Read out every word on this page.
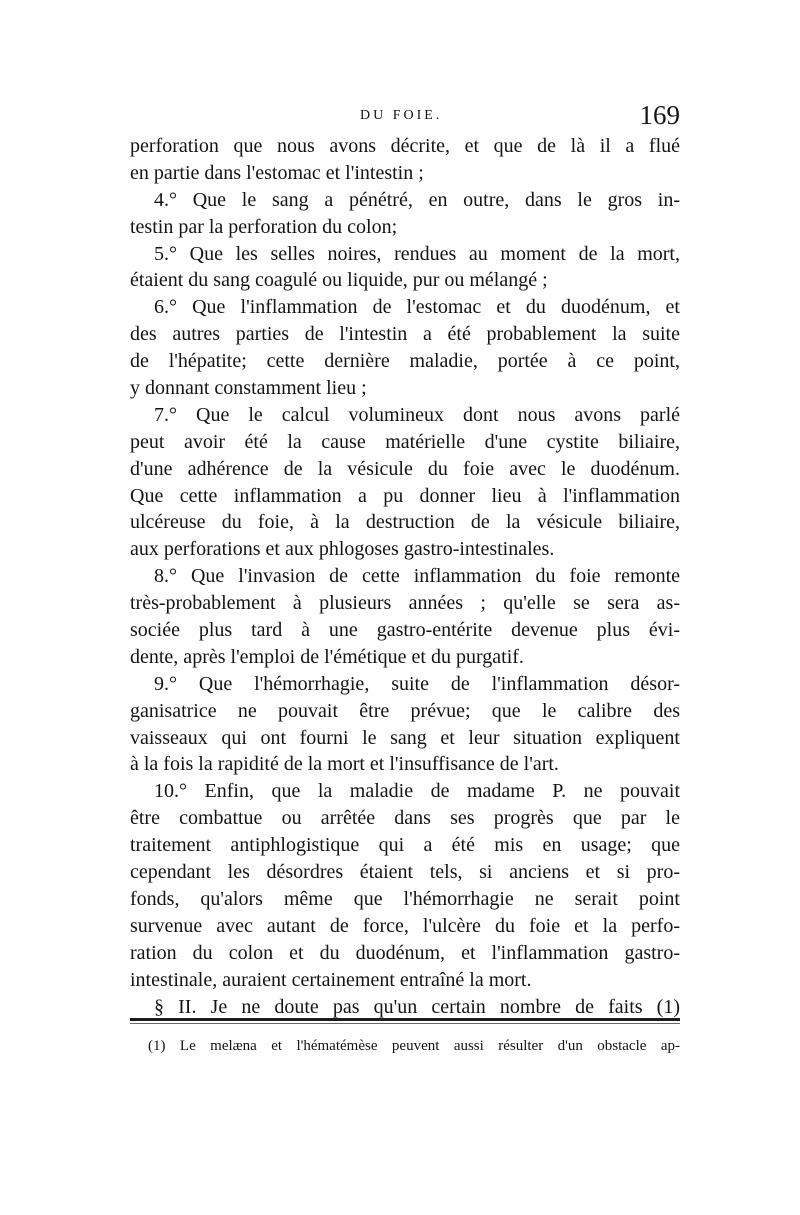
DU FOIE.	169
perforation que nous avons décrite, et que de là il a flué
en partie dans l'estomac et l'intestin ;
4.° Que le sang a pénétré, en outre, dans le gros in-
testin par la perforation du colon;
5.° Que les selles noires, rendues au moment de la mort,
étaient du sang coagulé ou liquide, pur ou mélangé ;
6.° Que l'inflammation de l'estomac et du duodénum, et
des autres parties de l'intestin a été probablement la suite
de l'hépatite; cette dernière maladie, portée à ce point,
y donnant constamment lieu ;
7.° Que le calcul volumineux dont nous avons parlé
peut avoir été la cause matérielle d'une cystite biliaire,
d'une adhérence de la vésicule du foie avec le duodénum.
Que cette inflammation a pu donner lieu à l'inflammation
ulcéreuse du foie, à la destruction de la vésicule biliaire,
aux perforations et aux phlogoses gastro-intestinales.
8.° Que l'invasion de cette inflammation du foie remonte
très-probablement à plusieurs années ; qu'elle se sera as-
sociée plus tard à une gastro-entérite devenue plus évi-
dente, après l'emploi de l'émétique et du purgatif.
9.° Que l'hémorrhagie, suite de l'inflammation désor-
ganisatrice ne pouvait être prévue; que le calibre des
vaisseaux qui ont fourni le sang et leur situation expliquent
à la fois la rapidité de la mort et l'insuffisance de l'art.
10.° Enfin, que la maladie de madame P. ne pouvait
être combattue ou arrêtée dans ses progrès que par le
traitement antiphlogistique qui a été mis en usage; que
cependant les désordres étaient tels, si anciens et si pro-
fonds, qu'alors même que l'hémorrhagie ne serait point
survenue avec autant de force, l'ulcère du foie et la perfo-
ration du colon et du duodénum, et l'inflammation gastro-
intestinale, auraient certainement entraîné la mort.
§ II. Je ne doute pas qu'un certain nombre de faits (1)
(1) Le melæna et l'hématémèse peuvent aussi résulter d'un obstacle ap-
